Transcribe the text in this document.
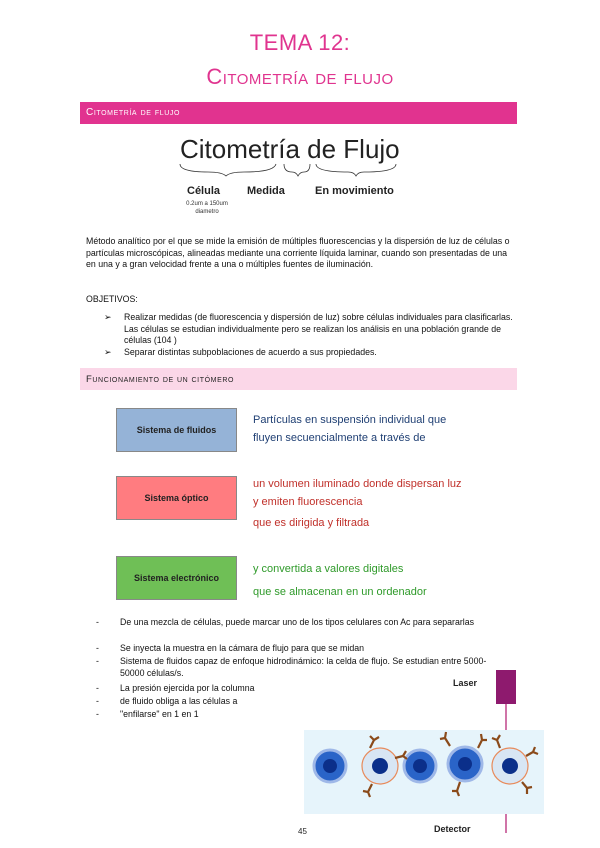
TEMA 12:
Citometría de flujo
Citometría de flujo
Citometría de Flujo
Célula Medida	En movimiento
0.2um a 150um diametro
Método analítico por el que se mide la emisión de múltiples fluorescencias y la dispersión de luz de células o partículas microscópicas, alineadas mediante una corriente líquida laminar, cuando son presentadas de una en una y a gran velocidad frente a una o múltiples fuentes de iluminación.
OBJETIVOS:
➢ Realizar medidas (de fluorescencia y dispersión de luz) sobre células individuales para clasificarlas. Las células se estudian individualmente pero se realizan los análisis en una población grande de células (104 )
➢ Separar distintas subpoblaciones de acuerdo a sus propiedades.
Funcionamiento de un citómero
Sistema de fluidos
Sistema óptico
Sistema electrónico
Partículas en suspensión individual que
fluyen secuencialmente a través de
un volumen iluminado donde dispersan luz
y emiten fluorescencia
que es dirigida y filtrada
y convertida a valores digitales
que se almacenan en un ordenador
- De una mezcla de células, puede marcar uno de los tipos celulares con Ac para separarlas
- Se inyecta la muestra en la cámara de flujo para que se midan
- Sistema de fluidos capaz de enfoque hidrodinámico: la celda de flujo. Se estudian entre 5000- 50000 células/s.
- La presión ejercida por la columna
- de fluido obliga a las células a
- "enfilarse" en 1 en 1
Laser
Detector
45
